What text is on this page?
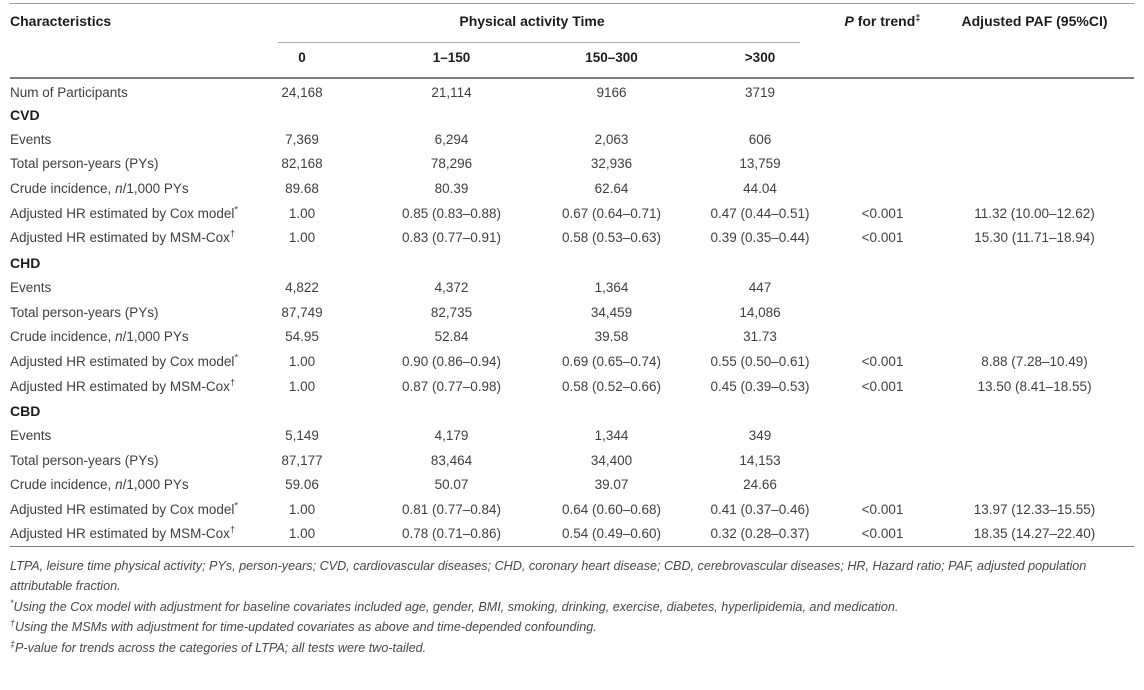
Characteristics	Physical activity Time				P for trend‡	Adjusted PAF (95%CI)
	0	1–150	150–300	>300		
Num of Participants	24,168	21,114	9166	3719		
CVD						
Events	7,369	6,294	2,063	606		
Total person-years (PYs)	82,168	78,296	32,936	13,759		
Crude incidence, n/1,000 PYs	89.68	80.39	62.64	44.04		
Adjusted HR estimated by Cox model*	1.00	0.85 (0.83–0.88)	0.67 (0.64–0.71)	0.47 (0.44–0.51)	<0.001	11.32 (10.00–12.62)
Adjusted HR estimated by MSM-Cox†	1.00	0.83 (0.77–0.91)	0.58 (0.53–0.63)	0.39 (0.35–0.44)	<0.001	15.30 (11.71–18.94)
CHD						
Events	4,822	4,372	1,364	447		
Total person-years (PYs)	87,749	82,735	34,459	14,086		
Crude incidence, n/1,000 PYs	54.95	52.84	39.58	31.73		
Adjusted HR estimated by Cox model*	1.00	0.90 (0.86–0.94)	0.69 (0.65–0.74)	0.55 (0.50–0.61)	<0.001	8.88 (7.28–10.49)
Adjusted HR estimated by MSM-Cox†	1.00	0.87 (0.77–0.98)	0.58 (0.52–0.66)	0.45 (0.39–0.53)	<0.001	13.50 (8.41–18.55)
CBD						
Events	5,149	4,179	1,344	349		
Total person-years (PYs)	87,177	83,464	34,400	14,153		
Crude incidence, n/1,000 PYs	59.06	50.07	39.07	24.66		
Adjusted HR estimated by Cox model*	1.00	0.81 (0.77–0.84)	0.64 (0.60–0.68)	0.41 (0.37–0.46)	<0.001	13.97 (12.33–15.55)
Adjusted HR estimated by MSM-Cox†	1.00	0.78 (0.71–0.86)	0.54 (0.49–0.60)	0.32 (0.28–0.37)	<0.001	18.35 (14.27–22.40)
LTPA, leisure time physical activity; PYs, person-years; CVD, cardiovascular diseases; CHD, coronary heart disease; CBD, cerebrovascular diseases; HR, Hazard ratio; PAF, adjusted population attributable fraction.
*Using the Cox model with adjustment for baseline covariates included age, gender, BMI, smoking, drinking, exercise, diabetes, hyperlipidemia, and medication.
†Using the MSMs with adjustment for time-updated covariates as above and time-depended confounding.
‡P-value for trends across the categories of LTPA; all tests were two-tailed.
